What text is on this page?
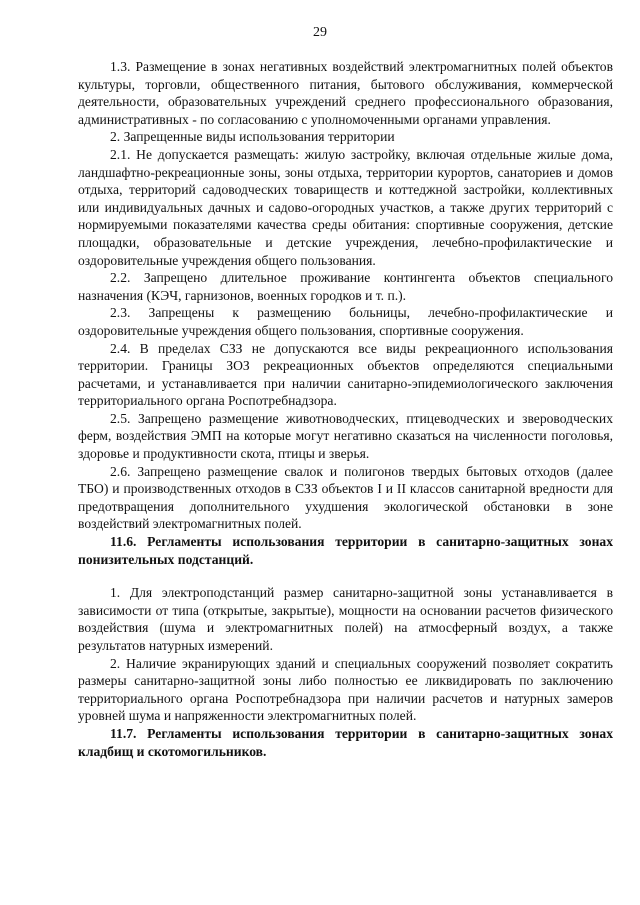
29

1.3. Размещение в зонах негативных воздействий электромагнитных полей объектов культуры, торговли, общественного питания, бытового обслуживания, коммерческой деятельности, образовательных учреждений среднего профессионального образования, административных - по согласованию с уполномоченными органами управления.

2. Запрещенные виды использования территории

2.1. Не допускается размещать: жилую застройку, включая отдельные жилые дома, ландшафтно-рекреационные зоны, зоны отдыха, территории курортов, санаториев и домов отдыха, территорий садоводческих товариществ и коттеджной застройки, коллективных или индивидуальных дачных и садово-огородных участков, а также других территорий с нормируемыми показателями качества среды обитания: спортивные сооружения, детские площадки, образовательные и детские учреждения, лечебно-профилактические и оздоровительные учреждения общего пользования.

2.2. Запрещено длительное проживание контингента объектов специального назначения (КЭЧ, гарнизонов, военных городков и т. п.).

2.3. Запрещены к размещению больницы, лечебно-профилактические и оздоровительные учреждения общего пользования, спортивные сооружения.

2.4. В пределах СЗЗ не допускаются все виды рекреационного использования территории. Границы ЗОЗ рекреационных объектов определяются специальными расчетами, и устанавливается при наличии санитарно-эпидемиологического заключения территориального органа Роспотребнадзора.

2.5. Запрещено размещение животноводческих, птицеводческих и звероводческих ферм, воздействия ЭМП на которые могут негативно сказаться на численности поголовья, здоровье и продуктивности скота, птицы и зверья.

2.6. Запрещено размещение свалок и полигонов твердых бытовых отходов (далее ТБО) и производственных отходов в СЗЗ объектов I и II классов санитарной вредности для предотвращения дополнительного ухудшения экологической обстановки в зоне воздействий электромагнитных полей.

11.6. Регламенты использования территории в санитарно-защитных зонах понизительных подстанций.

1. Для электроподстанций размер санитарно-защитной зоны устанавливается в зависимости от типа (открытые, закрытые), мощности на основании расчетов физического воздействия (шума и электромагнитных полей) на атмосферный воздух, а также результатов натурных измерений.

2. Наличие экранирующих зданий и специальных сооружений позволяет сократить размеры санитарно-защитной зоны либо полностью ее ликвидировать по заключению территориального органа Роспотребнадзора при наличии расчетов и натурных замеров уровней шума и напряженности электромагнитных полей.

11.7. Регламенты использования территории в санитарно-защитных зонах кладбищ и скотомогильников.
